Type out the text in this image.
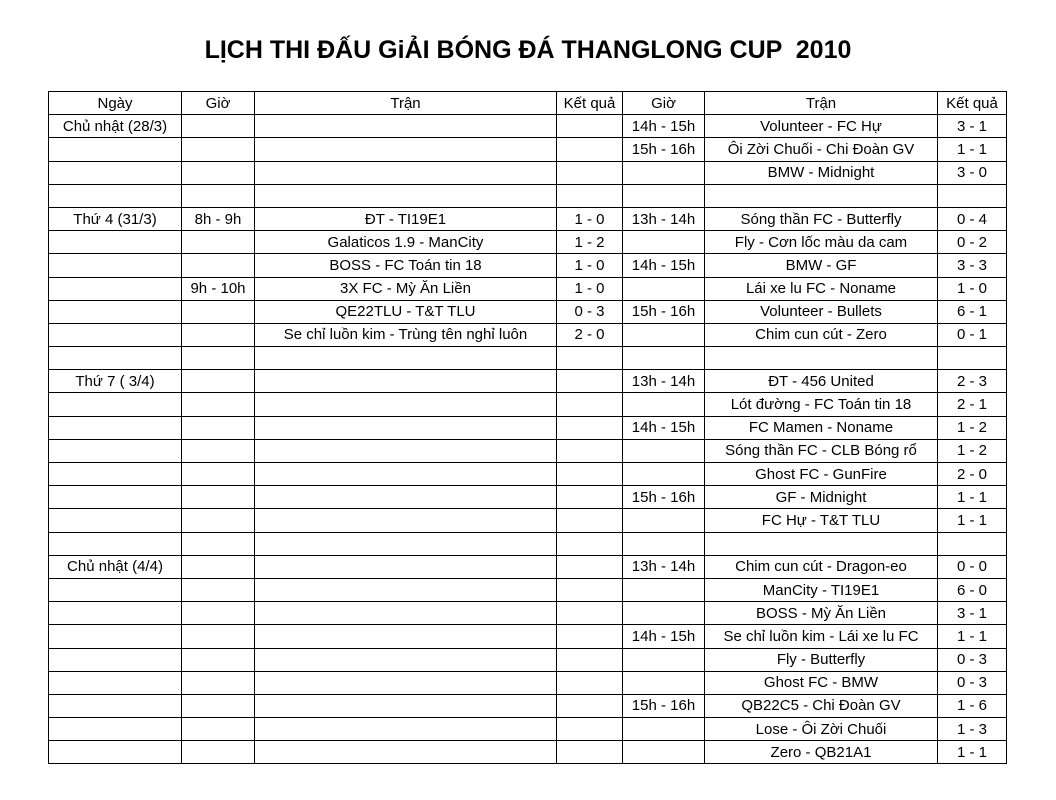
LỊCH THI ĐẤU GiẢI BÓNG ĐÁ THANGLONG CUP  2010
Ngày	Giờ	Trận	Kết quả	Giờ	Trận	Kết quả
Chủ nhật (28/3)				14h - 15h	Volunteer - FC Hự	3 - 1
				15h - 16h	Ôi Zời Chuối - Chi Đoàn GV	1 - 1
					BMW - Midnight	3 - 0

Thứ 4 (31/3)	8h - 9h	ĐT - TI19E1	1 - 0	13h - 14h	Sóng thần FC - Butterfly	0 - 4
		Galaticos 1.9 - ManCity	1 - 2		Fly - Cơn lốc màu da cam	0 - 2
		BOSS - FC Toán tin 18	1 - 0	14h - 15h	BMW - GF	3 - 3
	9h - 10h	3X FC - Mỳ Ăn Liền	1 - 0		Lái xe lu FC - Noname	1 - 0
		QE22TLU - T&T TLU	0 - 3	15h - 16h	Volunteer - Bullets	6 - 1
		Se chỉ luồn kim - Trùng tên nghỉ luôn	2 - 0		Chim cun cút - Zero	0 - 1

Thứ 7 ( 3/4)				13h - 14h	ĐT - 456 United	2 - 3
					Lót đường - FC Toán tin 18	2 - 1
				14h - 15h	FC Mamen - Noname	1 - 2
					Sóng thần FC - CLB Bóng rổ	1 - 2
					Ghost FC - GunFire	2 - 0
				15h - 16h	GF - Midnight	1 - 1
					FC Hự - T&T TLU	1 - 1

Chủ nhật (4/4)				13h - 14h	Chim cun cút - Dragon-eo	0 - 0
					ManCity - TI19E1	6 - 0
					BOSS - Mỳ Ăn Liền	3 - 1
				14h - 15h	Se chỉ luồn kim - Lái xe lu FC	1 - 1
					Fly - Butterfly	0 - 3
					Ghost FC - BMW	0 - 3
				15h - 16h	QB22C5 - Chi Đoàn GV	1 - 6
					Lose - Ôi Zời Chuối	1 - 3
					Zero - QB21A1	1 - 1
